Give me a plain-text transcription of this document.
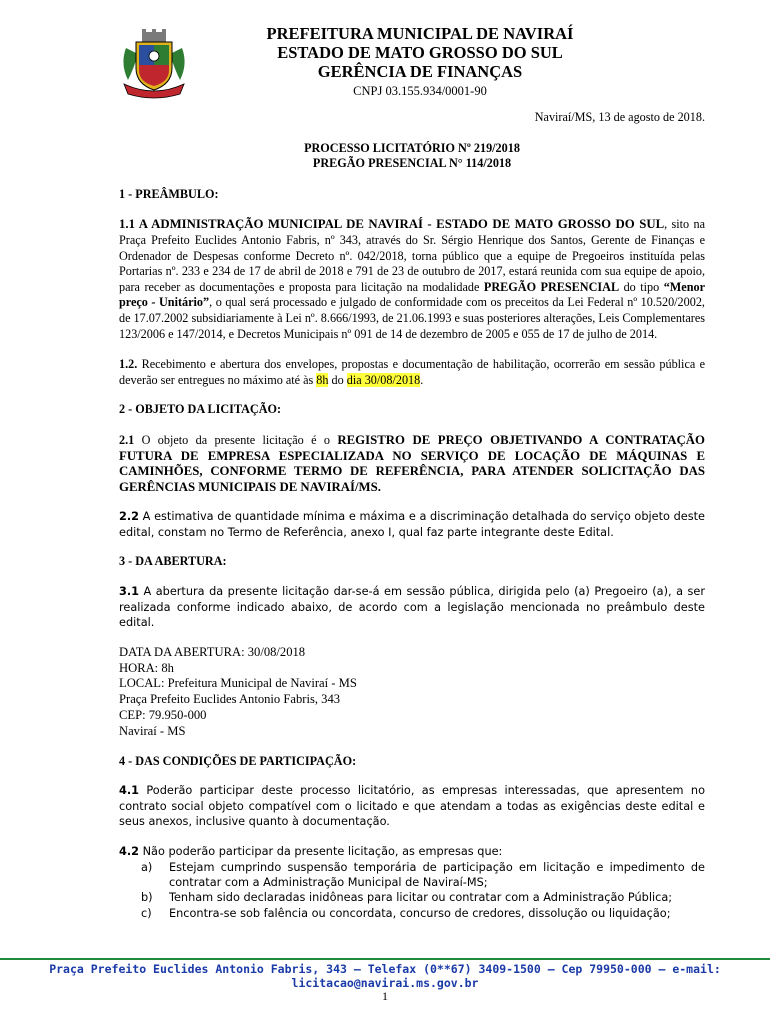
PREFEITURA MUNICIPAL DE NAVIRAÍ
ESTADO DE MATO GROSSO DO SUL
GERÊNCIA DE FINANÇAS
CNPJ 03.155.934/0001-90
Naviraí/MS, 13 de agosto de 2018.
PROCESSO LICITATÓRIO Nº 219/2018
PREGÃO PRESENCIAL N° 114/2018

1 - PREÂMBULO:

1.1 A ADMINISTRAÇÃO MUNICIPAL DE NAVIRAÍ - ESTADO DE MATO GROSSO DO SUL, sito na Praça Prefeito Euclides Antonio Fabris, nº 343, através do Sr. Sérgio Henrique dos Santos, Gerente de Finanças e Ordenador de Despesas conforme Decreto nº. 042/2018, torna público que a equipe de Pregoeiros instituída pelas Portarias nº. 233 e 234 de 17 de abril de 2018 e 791 de 23 de outubro de 2017, estará reunida com sua equipe de apoio, para receber as documentações e proposta para licitação na modalidade PREGÃO PRESENCIAL do tipo “Menor preço - Unitário”, o qual será processado e julgado de conformidade com os preceitos da Lei Federal nº 10.520/2002, de 17.07.2002 subsidiariamente à Lei nº. 8.666/1993, de 21.06.1993 e suas posteriores alterações, Leis Complementares 123/2006 e 147/2014, e Decretos Municipais nº 091 de 14 de dezembro de 2005 e 055 de 17 de julho de 2014.

1.2. Recebimento e abertura dos envelopes, propostas e documentação de habilitação, ocorrerão em sessão pública e deverão ser entregues no máximo até às 8h do dia 30/08/2018.

2 - OBJETO DA LICITAÇÃO:

2.1 O objeto da presente licitação é o REGISTRO DE PREÇO OBJETIVANDO A CONTRATAÇÃO FUTURA DE EMPRESA ESPECIALIZADA NO SERVIÇO DE LOCAÇÃO DE MÁQUINAS E CAMINHÕES, CONFORME TERMO DE REFERÊNCIA, PARA ATENDER SOLICITAÇÃO DAS GERÊNCIAS MUNICIPAIS DE NAVIRAÍ/MS.

2.2 A estimativa de quantidade mínima e máxima e a discriminação detalhada do serviço objeto deste edital, constam no Termo de Referência, anexo I, qual faz parte integrante deste Edital.

3 - DA ABERTURA:

3.1 A abertura da presente licitação dar-se-á em sessão pública, dirigida pelo (a) Pregoeiro (a), a ser realizada conforme indicado abaixo, de acordo com a legislação mencionada no preâmbulo deste edital.

DATA DA ABERTURA: 30/08/2018
HORA: 8h
LOCAL: Prefeitura Municipal de Naviraí - MS
Praça Prefeito Euclides Antonio Fabris, 343
CEP: 79.950-000
Naviraí - MS

4 - DAS CONDIÇÕES DE PARTICIPAÇÃO:

4.1 Poderão participar deste processo licitatório, as empresas interessadas, que apresentem no contrato social objeto compatível com o licitado e que atendam a todas as exigências deste edital e seus anexos, inclusive quanto à documentação.

4.2 Não poderão participar da presente licitação, as empresas que:

a) Estejam cumprindo suspensão temporária de participação em licitação e impedimento de contratar com a Administração Municipal de Naviraí-MS;
b) Tenham sido declaradas inidôneas para licitar ou contratar com a Administração Pública;
c) Encontra-se sob falência ou concordata, concurso de credores, dissolução ou liquidação;
Praça Prefeito Euclides Antonio Fabris, 343 – Telefax (0**67) 3409-1500 – Cep 79950-000 – e-mail: licitacao@navirai.ms.gov.br
1
